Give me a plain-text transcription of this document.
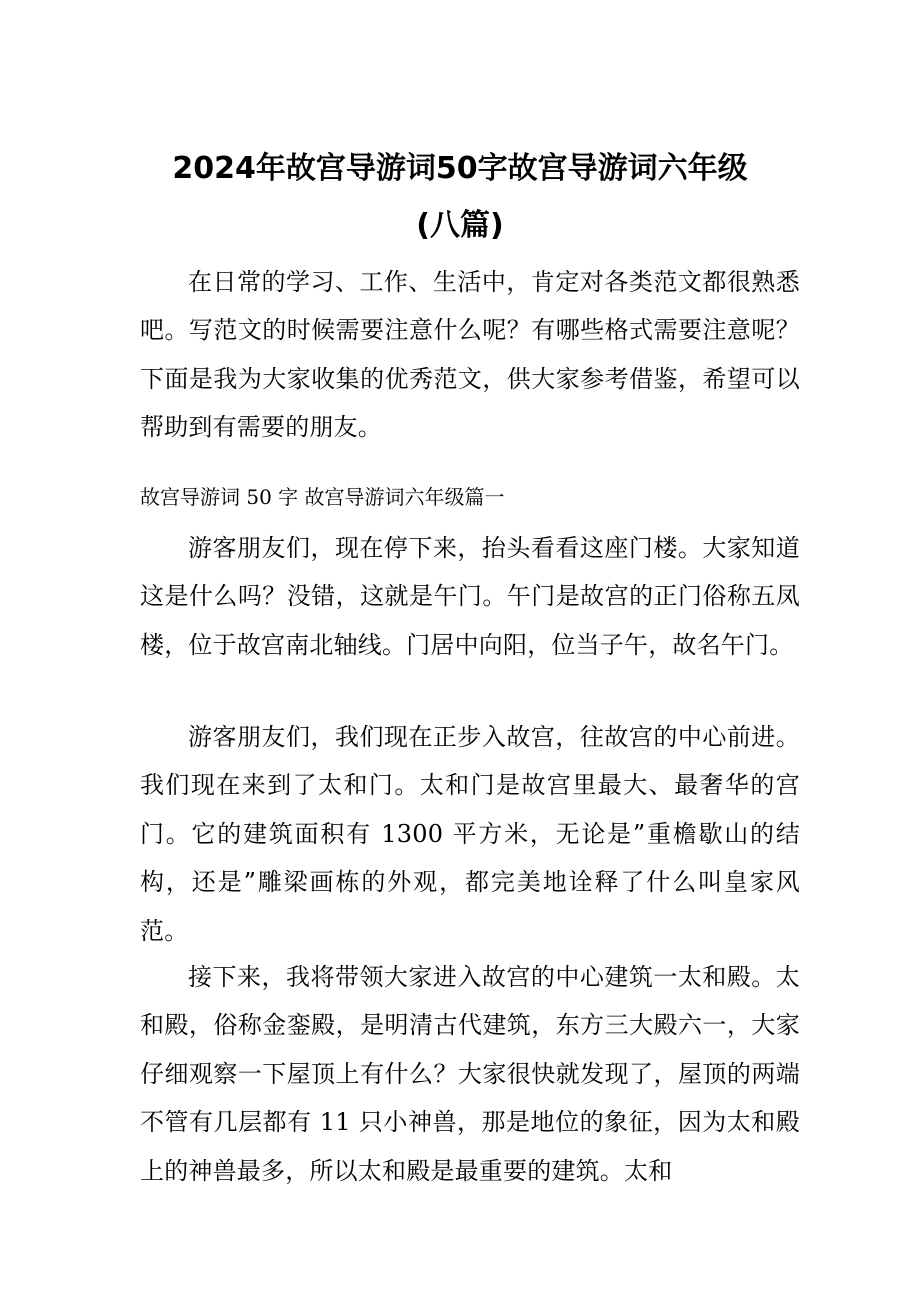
2024年故宫导游词50字故宫导游词六年级
(八篇)

在日常的学习、工作、生活中，肯定对各类范文都很熟悉吧。写范文的时候需要注意什么呢？有哪些格式需要注意呢？下面是我为大家收集的优秀范文，供大家参考借鉴，希望可以帮助到有需要的朋友。

故宫导游词 50 字 故宫导游词六年级篇一

游客朋友们，现在停下来，抬头看看这座门楼。大家知道这是什么吗？没错，这就是午门。午门是故宫的正门俗称五凤楼，位于故宫南北轴线。门居中向阳，位当子午，故名午门。

游客朋友们，我们现在正步入故宫，往故宫的中心前进。我们现在来到了太和门。太和门是故宫里最大、最奢华的宫门。它的建筑面积有 1300 平方米，无论是”重檐歇山的结构，还是”雕梁画栋的外观，都完美地诠释了什么叫皇家风范。

接下来，我将带领大家进入故宫的中心建筑一太和殿。太和殿，俗称金銮殿，是明清古代建筑，东方三大殿六一，大家仔细观察一下屋顶上有什么？大家很快就发现了，屋顶的两端不管有几层都有 11 只小神兽，那是地位的象征，因为太和殿上的神兽最多，所以太和殿是最重要的建筑。太和
